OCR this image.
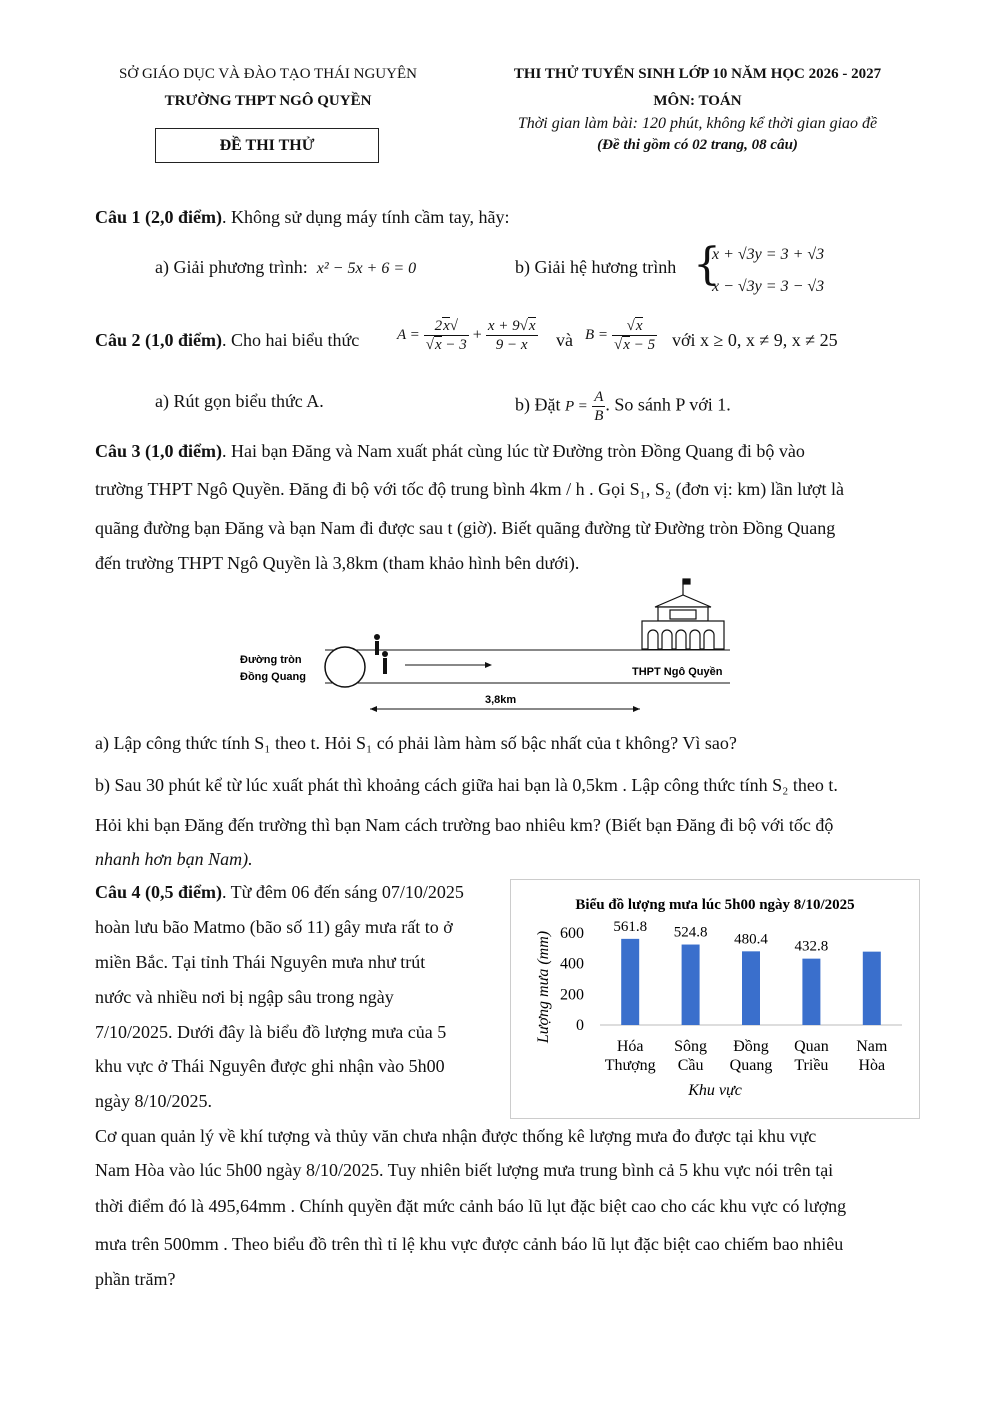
SỞ GIÁO DỤC VÀ ĐÀO TẠO THÁI NGUYÊN
TRƯỜNG THPT NGÔ QUYỀN
ĐỀ THI THỬ
THI THỬ TUYỂN SINH LỚP 10 NĂM HỌC 2026 - 2027
MÔN: TOÁN
Thời gian làm bài: 120 phút, không kể thời gian giao đề
(Đề thi gồm có 02 trang, 08 câu)
Câu 1 (2,0 điểm). Không sử dụng máy tính cầm tay, hãy:
a) Giải phương trình: x² − 5x + 6 = 0	b) Giải hệ hương trình {
x + √3y = 3 + √3
x − √3y = 3 − √3
Câu 2 (1,0 điểm). Cho hai biểu thức	$A = \frac{2x√}{√x - 3} + \frac{x + 9√x}{9 - x}$ và $B = \frac{√x}{√x - 5}$ với x ≥ 0, x ≠ 9, x ≠ 25
a) Rút gọn biểu thức A.	b) Đặt $P = \frac{A}{B}$ . So sánh P với 1.
Câu 3 (1,0 điểm). Hai bạn Đăng và Nam xuất phát cùng lúc từ Đường tròn Đồng Quang đi bộ vào
trường THPT Ngô Quyền. Đăng đi bộ với tốc độ trung bình 4km / h . Gọi S₁, S₂ (đơn vị: km) lần lượt là
quãng đường bạn Đăng và bạn Nam đi được sau t (giờ). Biết quãng đường từ Đường tròn Đồng Quang
đến trường THPT Ngô Quyền là 3,8km (tham khảo hình bên dưới).
Đường tròn
Đồng Quang	THPT Ngô Quyền
3,8km
a) Lập công thức tính S₁ theo t. Hỏi S₁ có phải làm hàm số bậc nhất của t không? Vì sao?
b) Sau 30 phút kể từ lúc xuất phát thì khoảng cách giữa hai bạn là 0,5km . Lập công thức tính S₂ theo t.
Hỏi khi bạn Đăng đến trường thì bạn Nam cách trường bao nhiêu km? (Biết bạn Đăng đi bộ với tốc độ
nhanh hơn bạn Nam).
Câu 4 (0,5 điểm). Từ đêm 06 đến sáng 07/10/2025
hoàn lưu bão Matmo (bão số 11) gây mưa rất to ở
miền Bắc. Tại tỉnh Thái Nguyên mưa như trút
nước và nhiều nơi bị ngập sâu trong ngày
7/10/2025. Dưới đây là biểu đồ lượng mưa của 5
khu vực ở Thái Nguyên được ghi nhận vào 5h00
ngày 8/10/2025.
Biểu đồ lượng mưa lúc 5h00 ngày 8/10/2025
Khu vực
Lượng mưa (mm) 0
200
400
600 561.8
Hóa
Thượng
524.8
Sông
Cầu
480.4
Đồng
Quang
432.8
Quan
Triều
Nam
Hòa
Cơ quan quản lý về khí tượng và thủy văn chưa nhận được thống kê lượng mưa đo được tại khu vực
Nam Hòa vào lúc 5h00 ngày 8/10/2025. Tuy nhiên biết lượng mưa trung bình cả 5 khu vực nói trên tại
thời điểm đó là 495,64mm . Chính quyền đặt mức cảnh báo lũ lụt đặc biệt cao cho các khu vực có lượng
mưa trên 500mm . Theo biểu đồ trên thì tỉ lệ khu vực được cảnh báo lũ lụt đặc biệt cao chiếm bao nhiêu
phần trăm?
